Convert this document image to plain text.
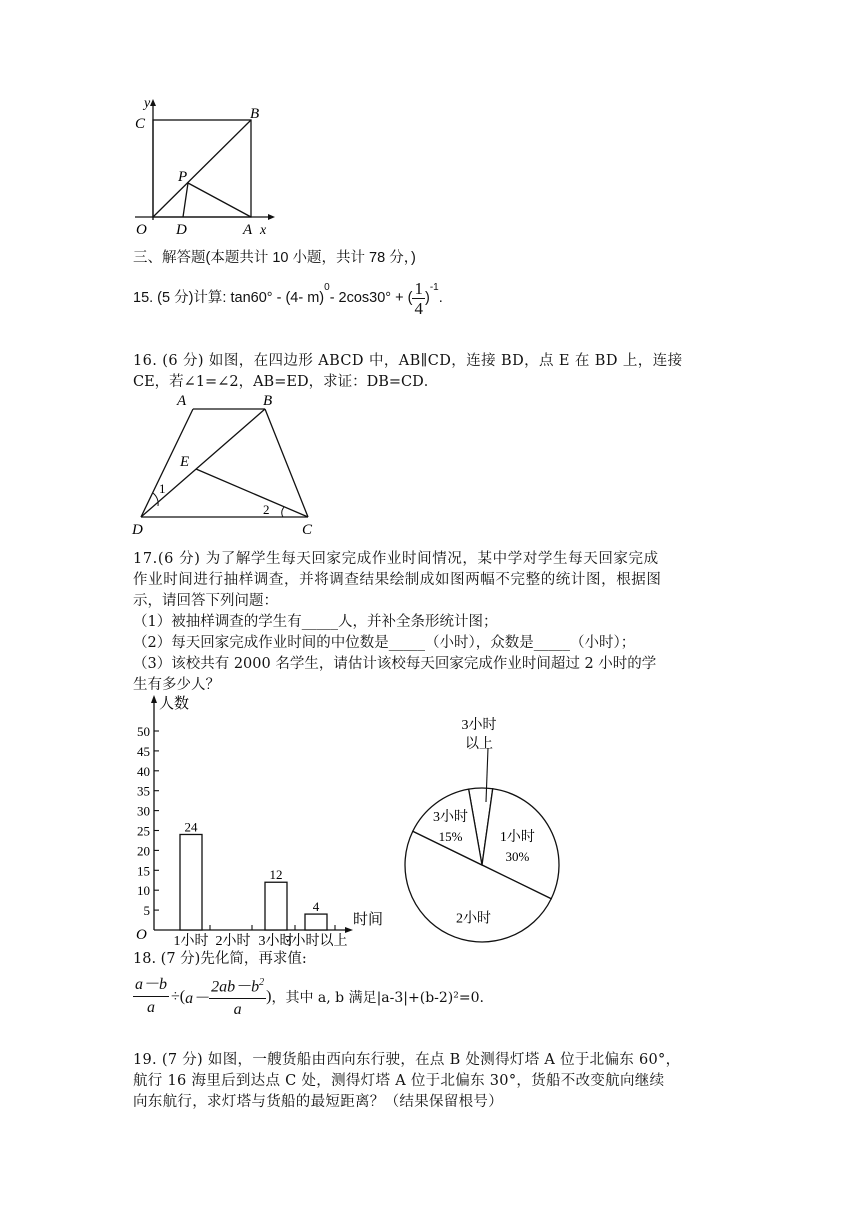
y
C
B
P
O D	A x
三、解答题(本题共计 10 小题，共计 78 分，)
15. (5 分)计算: tan60° - (4- m)
$^0$
- 2cos30° + ( $\frac{1}{4}$ )
$^{-1}$
.
16. (6 分) 如图，在四边形 ABCD 中，AB∥CD，连接 BD，点 E 在 BD 上，连接
CE，若∠1=∠2，AB=ED，求证：DB=CD．
A	B
E
1
2
D	C
17.(6 分) 为了解学生每天回家完成作业时间情况，某中学对学生每天回家完成
作业时间进行抽样调查，并将调查结果绘制成如图两幅不完整的统计图，根据图
示，请回答下列问题：
（1）被抽样调查的学生有_____人，并补全条形统计图；
（2）每天回家完成作业时间的中位数是_____（小时），众数是_____（小时）；
（3）该校共有 2000 名学生，请估计该校每天回家完成作业时间超过 2 小时的学
生有多少人？
人数
时间
O
5
10
15
20
25
30
35
40
45
50
1小时
24
2小时 3小时
12
3小时以上
4
3小时
以上
1小时
30%
2小时
3小时
15%
18. (7 分)先化简，再求值:
$\frac{a-b}{a}$ ÷( $a- \frac{2ab-b^2}{a}$ ) ，其中 a, b 满足|a-3|+(b-2)²=0.
19. (7 分) 如图，一艘货船由西向东行驶，在点 B 处测得灯塔 A 位于北偏东 60°，
航行 16 海里后到达点 C 处，测得灯塔 A 位于北偏东 30°，货船不改变航向继续
向东航行，求灯塔与货船的最短距离？（结果保留根号）
